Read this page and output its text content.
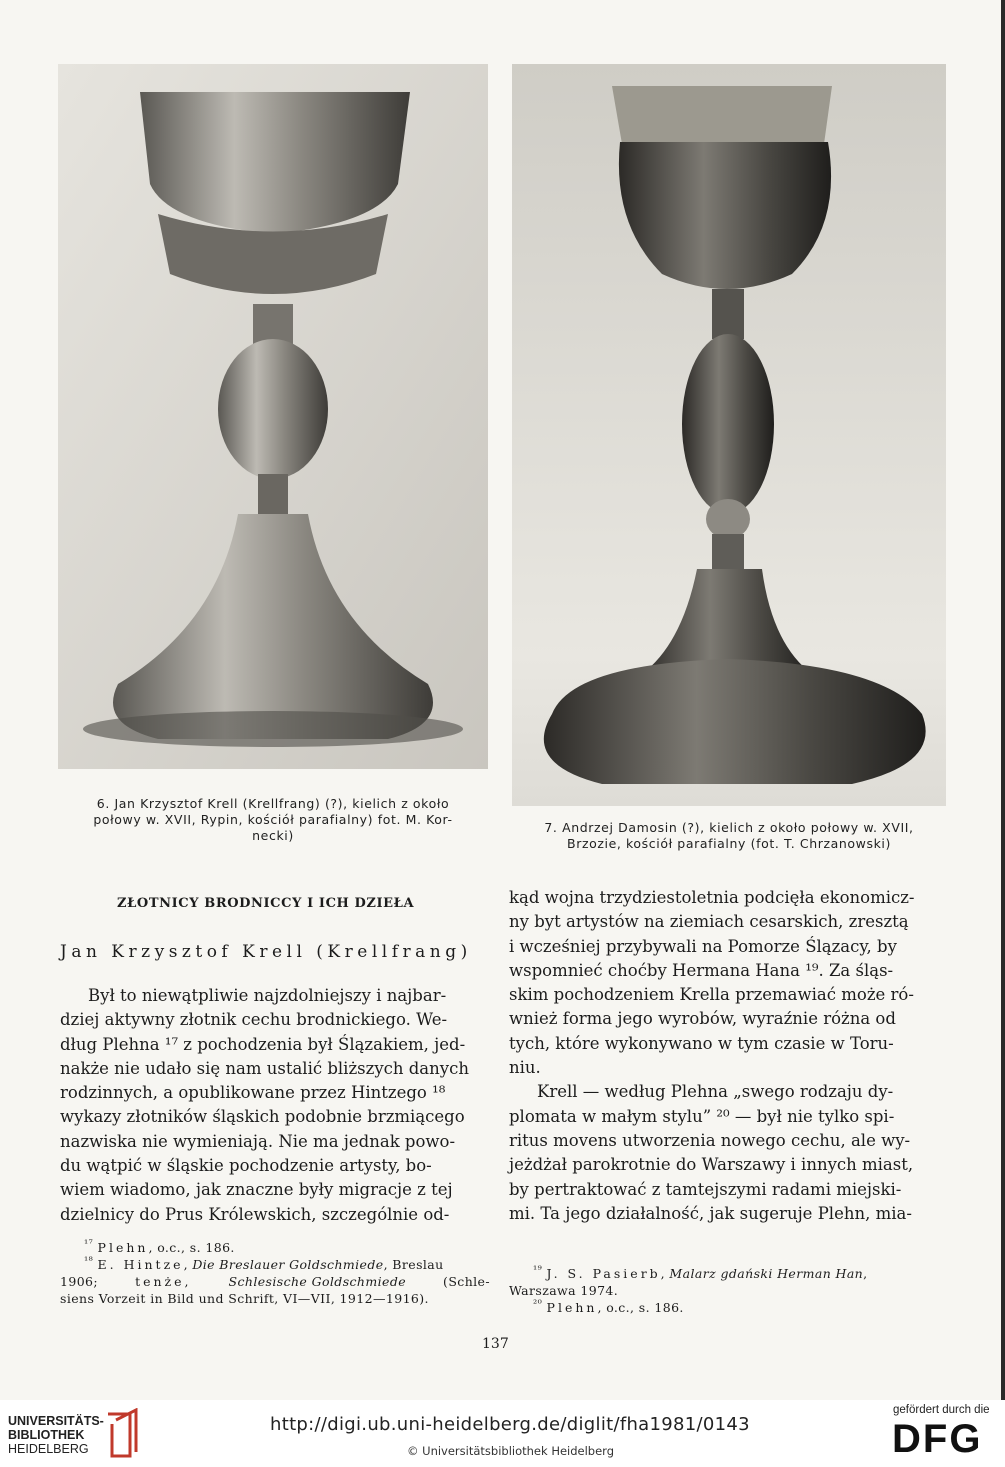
6. Jan Krzysztof Krell (Krellfrang) (?), kielich z około
połowy w. XVII, Rypin, kościół parafialny) fot. M. Kor-
necki)
7. Andrzej Damosin (?), kielich z około połowy w. XVII,
Brzozie, kościół parafialny (fot. T. Chrzanowski)
ZŁOTNICY BRODNICCY I ICH DZIEŁA
Jan Krzysztof Krell (Krellfrang)

Był to niewątpliwie najzdolniejszy i najbar-

dziej aktywny złotnik cechu brodnickiego. We-

dług Plehna ¹⁷ z pochodzenia był Ślązakiem, jed-

nakże nie udało się nam ustalić bliższych danych

rodzinnych, a opublikowane przez Hintzego ¹⁸

wykazy złotników śląskich podobnie brzmiącego

nazwiska nie wymieniają. Nie ma jednak powo-

du wątpić w śląskie pochodzenie artysty, bo-

wiem wiadomo, jak znaczne były migracje z tej

dzielnicy do Prus Królewskich, szczególnie od-

kąd wojna trzydziestoletnia podcięła ekonomicz-

ny byt artystów na ziemiach cesarskich, zresztą

i wcześniej przybywali na Pomorze Ślązacy, by

wspomnieć choćby Hermana Hana ¹⁹. Za śląs-

skim pochodzeniem Krella przemawiać może ró-

wnież forma jego wyrobów, wyraźnie różna od

tych, które wykonywano w tym czasie w Toru-

niu.

Krell — według Plehna „swego rodzaju dy-

plomata w małym stylu” ²⁰ — był nie tylko spi-

ritus movens utworzenia nowego cechu, ale wy-

jeżdżał parokrotnie do Warszawy i innych miast,

by pertraktować z tamtejszymi radami miejski-

mi. Ta jego działalność, jak sugeruje Plehn, mia-

$^{^{17}}$ Plehn, o.c., s. 186.
$^{^{18}}$ E. Hintze, Die Breslauer Goldschmiede, Breslau
1906;	tenże,	Schlesische Goldschmiede	(Schle-
siens Vorzeit in Bild und Schrift, VI—VII, 1912—1916).
$^{^{19}}$ J. S. Pasierb, Malarz gdański Herman Han,
Warszawa 1974.
$^{^{20}}$ Plehn, o.c., s. 186.
137
UNIVERSITÄTS-
BIBLIOTHEK
HEIDELBERG
http://digi.ub.uni-heidelberg.de/diglit/fha1981/0143
© Universitätsbibliothek Heidelberg
gefördert durch die
DFG
